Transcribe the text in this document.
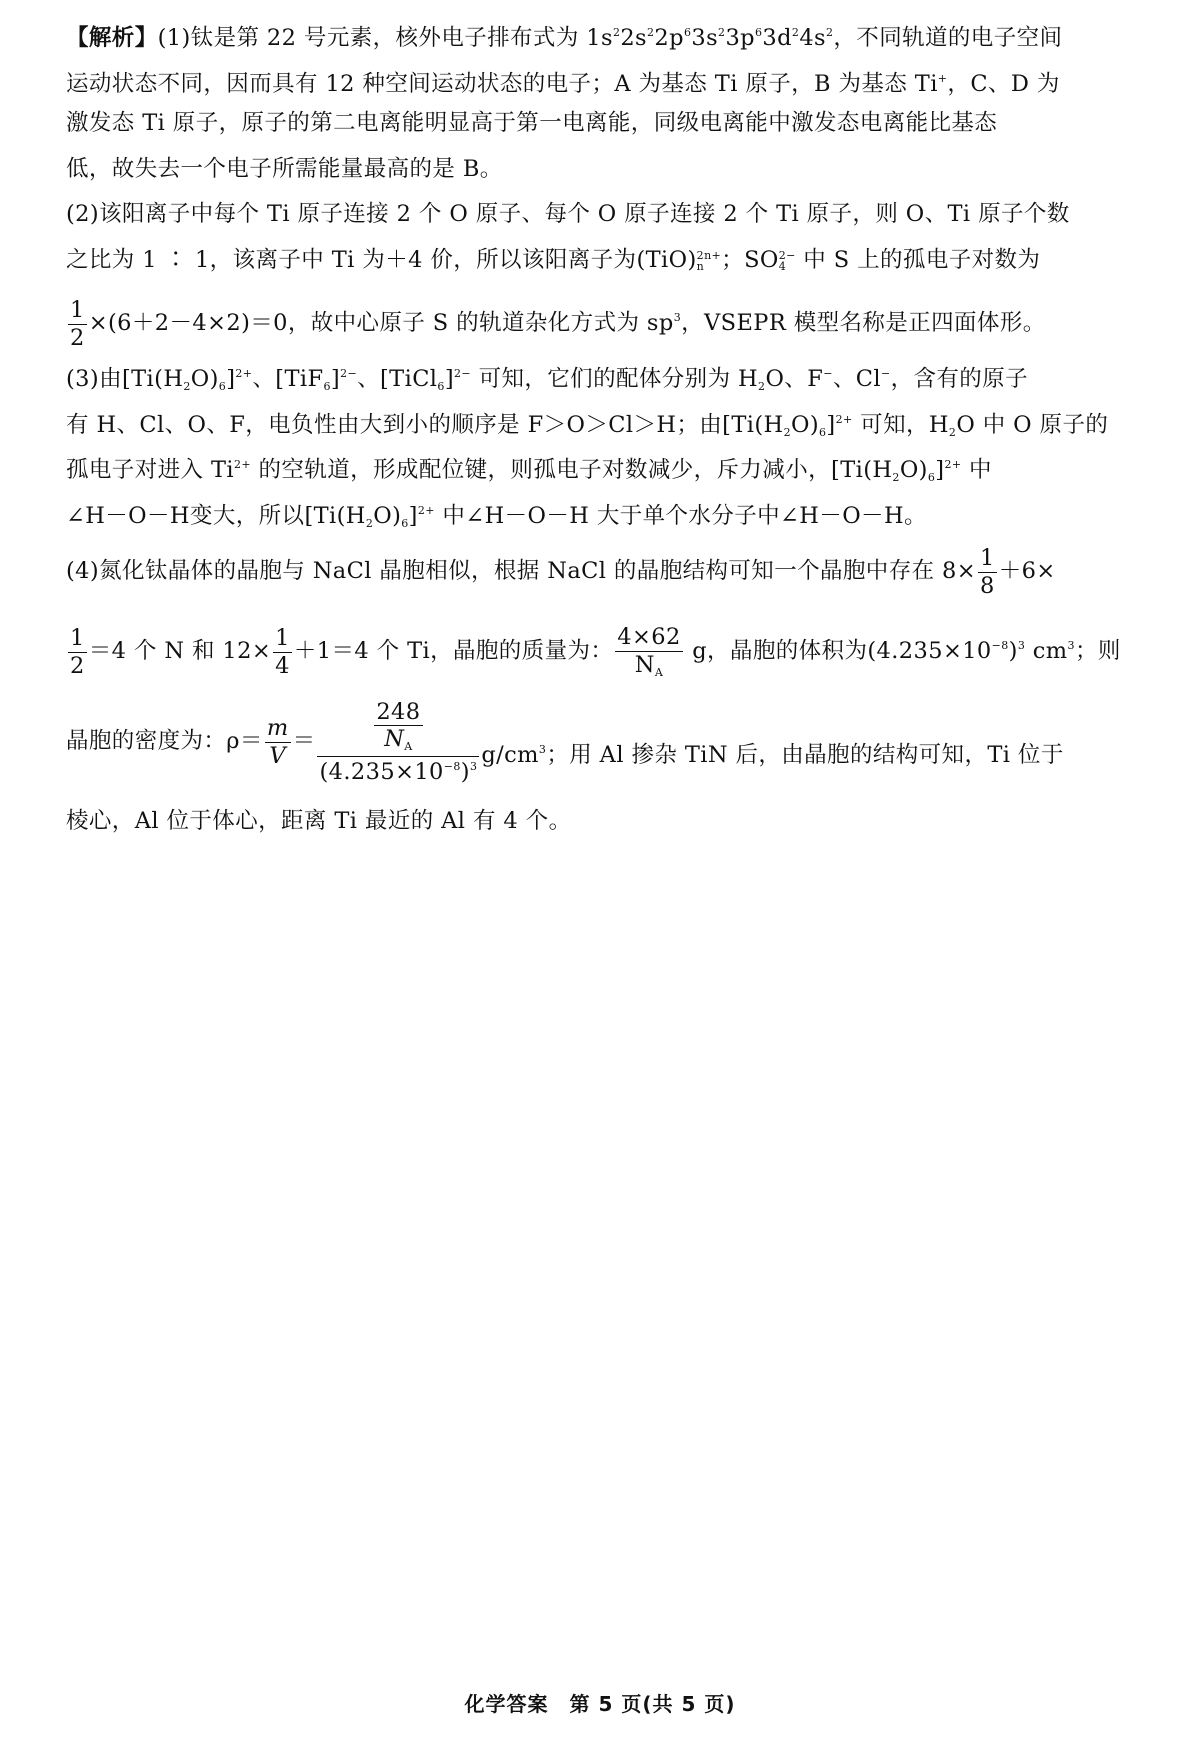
【解析】(1)钛是第 22 号元素，核外电子排布式为 $1s^22s^22p^63s^23p^63d^24s^2$，不同轨道的电子空间
运动状态不同，因而具有 12 种空间运动状态的电子；A 为基态 Ti 原子，B 为基态 Ti+，C、D 为
激发态 Ti 原子，原子的第二电离能明显高于第一电离能，同级电离能中激发态电离能比基态
低，故失去一个电子所需能量最高的是 B。
(2)该阳离子中每个 Ti 原子连接 2 个 O 原子、每个 O 原子连接 2 个 Ti 原子，则 O、Ti 原子个数
之比为 1 ∶ 1，该离子中 Ti 为＋4 价，所以该阳离子为(TiO) 2n+
n ；SO 2−
4 中 S 上的孤电子对数为
$\frac{1}{2} \times(6+2-4\times 2)=0$，故中心原子 S 的轨道杂化方式为 $sp^3$，VSEPR 模型名称是正四面体形。
(3)由$[Ti(H_2O)_6]^{2+}$、$[TiF_6]^{2-}$、[TiCl$_6$]$^{2-}$ 可知，它们的配体分别为 $H_2O$、F−、Cl−，含有的原子
有 H、Cl、O、F，电负性由大到小的顺序是 F＞O＞Cl＞H；由$[Ti(H_2O)_6]^{2+}$ 可知，$H_2O$ 中 O 原子的
孤电子对进入 $Ti^{2+}$ 的空轨道，形成配位键，则孤电子对数减少，斥力减小，$[Ti(H_2O)_6]^{2+}$ 中
∠H－O－H变大，所以$[Ti(H_2O)_6]^{2+}$ 中∠H－O－H 大于单个水分子中∠H－O－H。
(4)氮化钛晶体的晶胞与 NaCl 晶胞相似，根据 NaCl 的晶胞结构可知一个晶胞中存在 $8\times \frac{1}{8} +6\times$
$\frac{1}{2} =4$ 个 N 和 $12\times \frac{1}{4} +1=4$ 个 Ti，晶胞的质量为： $\frac{4\times 62}{N_A}$ g，晶胞的体积为$(4.235\times 10^{-8})^3$ $cm^3$；则
晶胞的密度为：$\rho= \frac{m}{V} = \frac{\frac{248}{N_A}}{(4.235\times 10^{-8})^3} g/cm^3$；用 Al 掺杂 TiN 后，由晶胞的结构可知，Ti 位于
棱心，Al 位于体心，距离 Ti 最近的 Al 有 4 个。
化学答案　第 5 页(共 5 页)
